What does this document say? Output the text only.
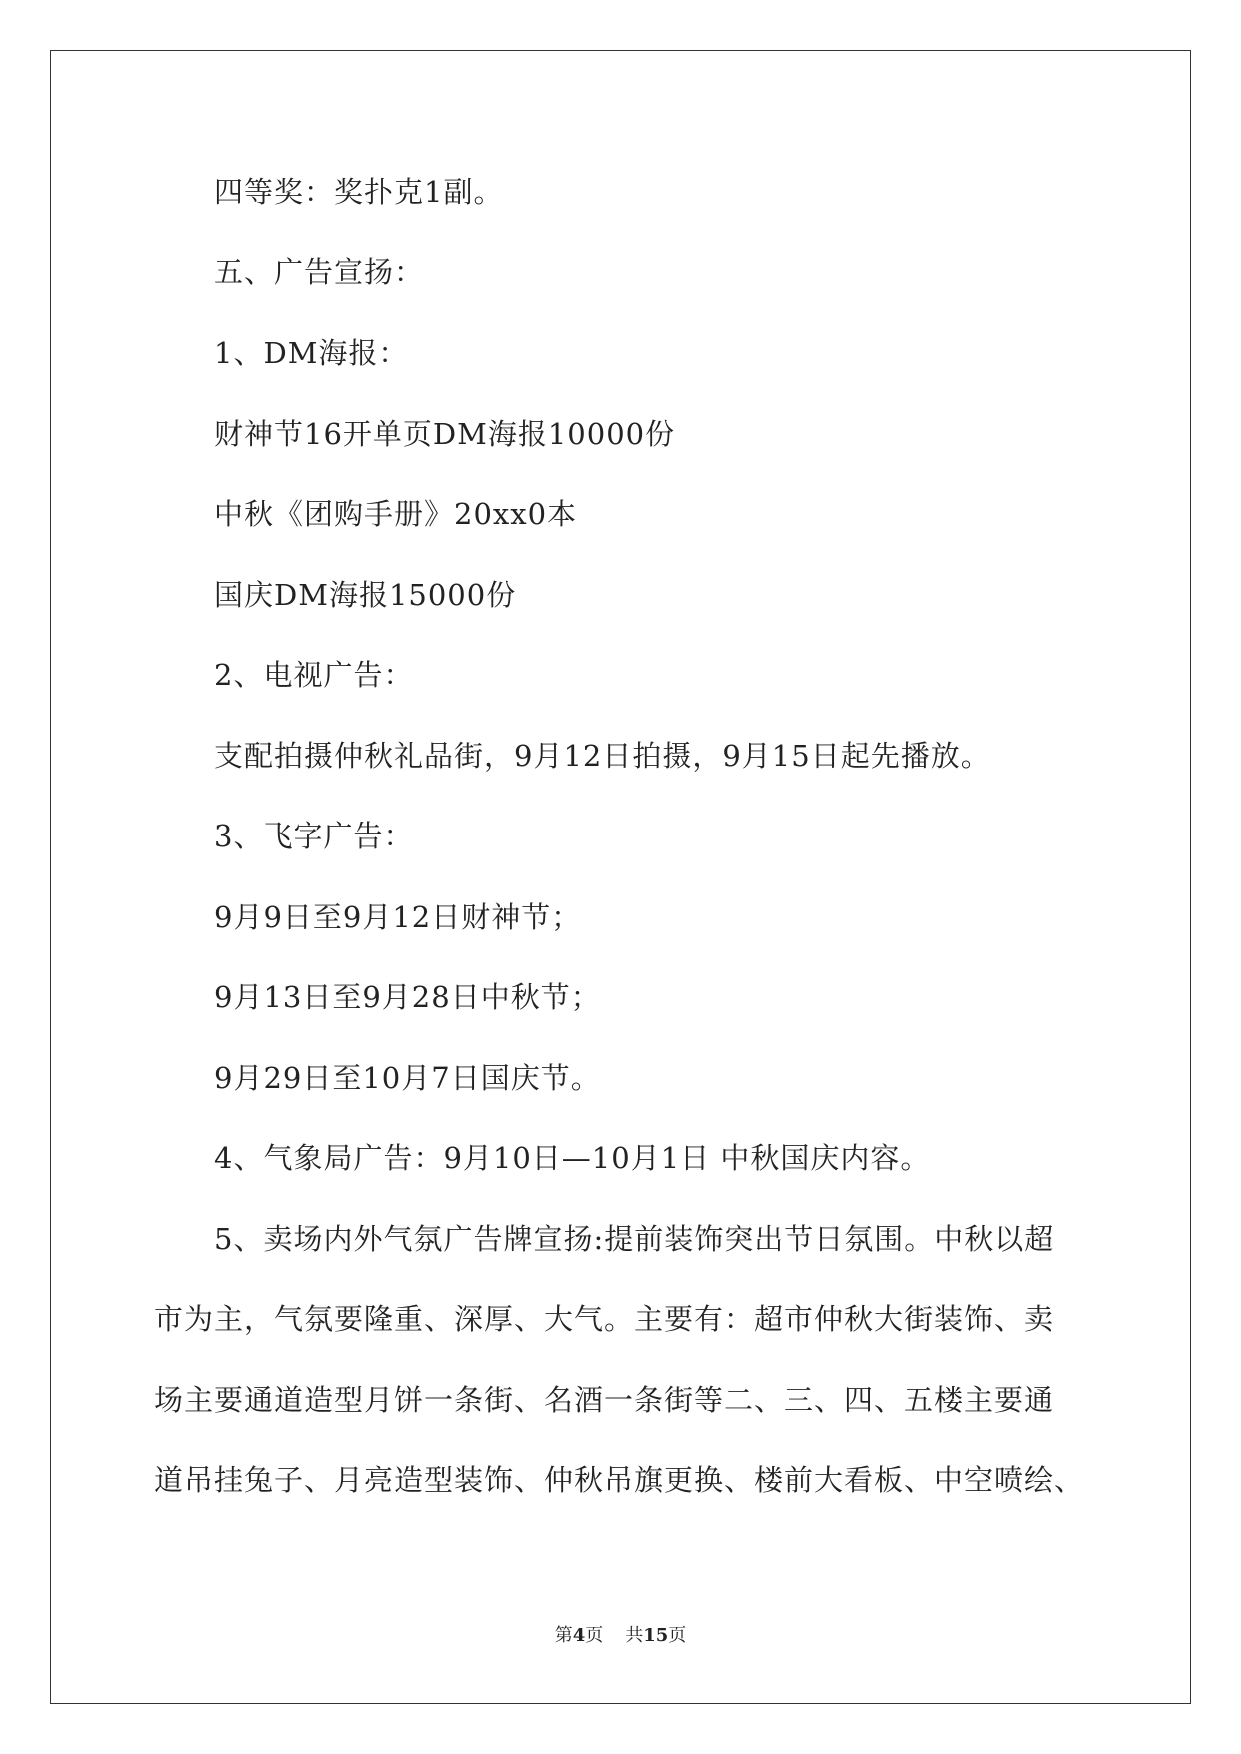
四等奖：奖扑克1副。
五、广告宣扬：
1、DM海报：
财神节16开单页DM海报10000份
中秋《团购手册》20xx0本
国庆DM海报15000份
2、电视广告：
支配拍摄仲秋礼品街，9月12日拍摄，9月15日起先播放。
3、飞字广告：
9月9日至9月12日财神节；
9月13日至9月28日中秋节；
9月29日至10月7日国庆节。
4、气象局广告：9月10日—10月1日 中秋国庆内容。
5、卖场内外气氛广告牌宣扬:提前装饰突出节日氛围。中秋以超
市为主，气氛要隆重、深厚、大气。主要有：超市仲秋大街装饰、卖
场主要通道造型月饼一条街、名酒一条街等二、三、四、五楼主要通
道吊挂兔子、月亮造型装饰、仲秋吊旗更换、楼前大看板、中空喷绘、
第4页 共15页
